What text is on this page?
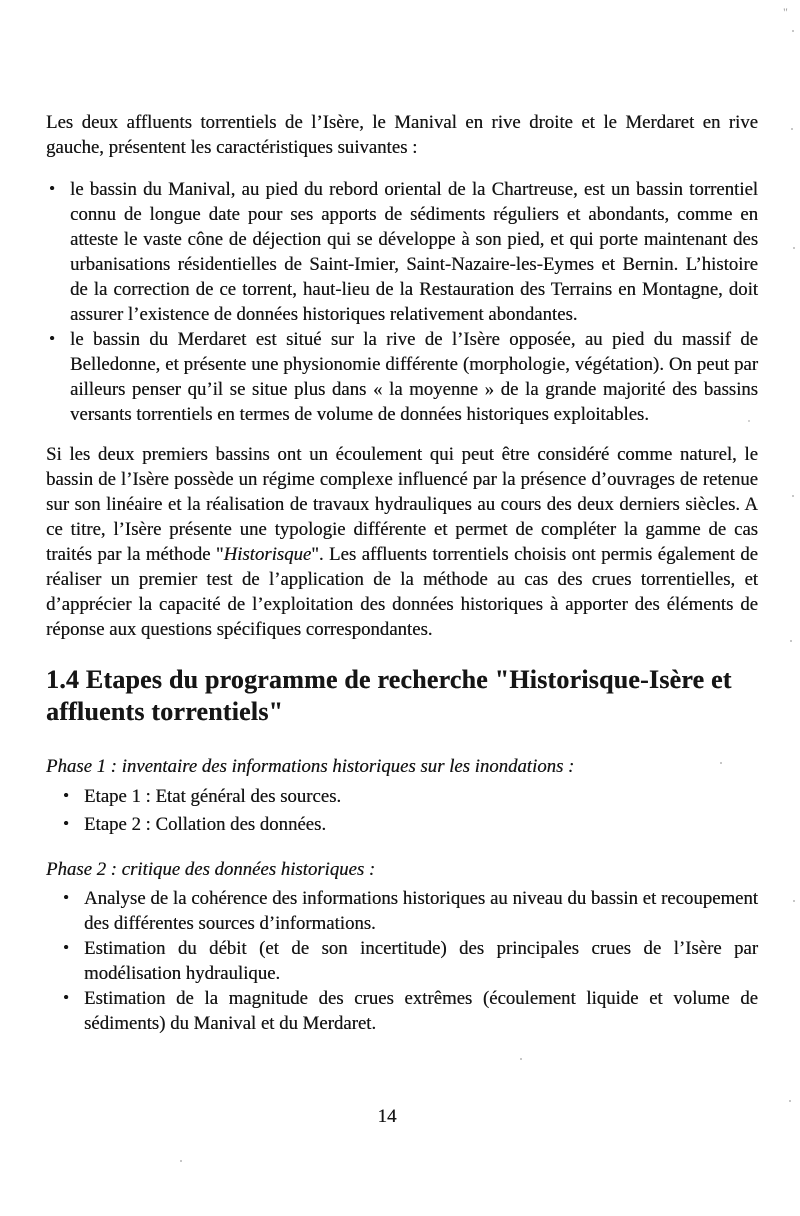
Les deux affluents torrentiels de l’Isère, le Manival en rive droite et le Merdaret en rive gauche, présentent les caractéristiques suivantes :

• le bassin du Manival, au pied du rebord oriental de la Chartreuse, est un bassin torrentiel connu de longue date pour ses apports de sédiments réguliers et abondants, comme en atteste le vaste cône de déjection qui se développe à son pied, et qui porte maintenant des urbanisations résidentielles de Saint-Imier, Saint-Nazaire-les-Eymes et Bernin. L’histoire de la correction de ce torrent, haut-lieu de la Restauration des Terrains en Montagne, doit assurer l’existence de données historiques relativement abondantes.
• le bassin du Merdaret est situé sur la rive de l’Isère opposée, au pied du massif de Belledonne, et présente une physionomie différente (morphologie, végétation). On peut par ailleurs penser qu’il se situe plus dans « la moyenne » de la grande majorité des bassins versants torrentiels en termes de volume de données historiques exploitables.

Si les deux premiers bassins ont un écoulement qui peut être considéré comme naturel, le bassin de l’Isère possède un régime complexe influencé par la présence d’ouvrages de retenue sur son linéaire et la réalisation de travaux hydrauliques au cours des deux derniers siècles. A ce titre, l’Isère présente une typologie différente et permet de compléter la gamme de cas traités par la méthode "Historisque". Les affluents torrentiels choisis ont permis également de réaliser un premier test de l’application de la méthode au cas des crues torrentielles, et d’apprécier la capacité de l’exploitation des données historiques à apporter des éléments de réponse aux questions spécifiques correspondantes.

1.4 Etapes du programme de recherche "Historisque-Isère et
affluents torrentiels"

Phase 1 : inventaire des informations historiques sur les inondations :

• Etape 1 : Etat général des sources.
• Etape 2 : Collation des données.

Phase 2 : critique des données historiques :

• Analyse de la cohérence des informations historiques au niveau du bassin et recoupement des différentes sources d’informations.
• Estimation du débit (et de son incertitude) des principales crues de l’Isère par modélisation hydraulique.
• Estimation de la magnitude des crues extrêmes (écoulement liquide et volume de sédiments) du Manival et du Merdaret.
14
"
